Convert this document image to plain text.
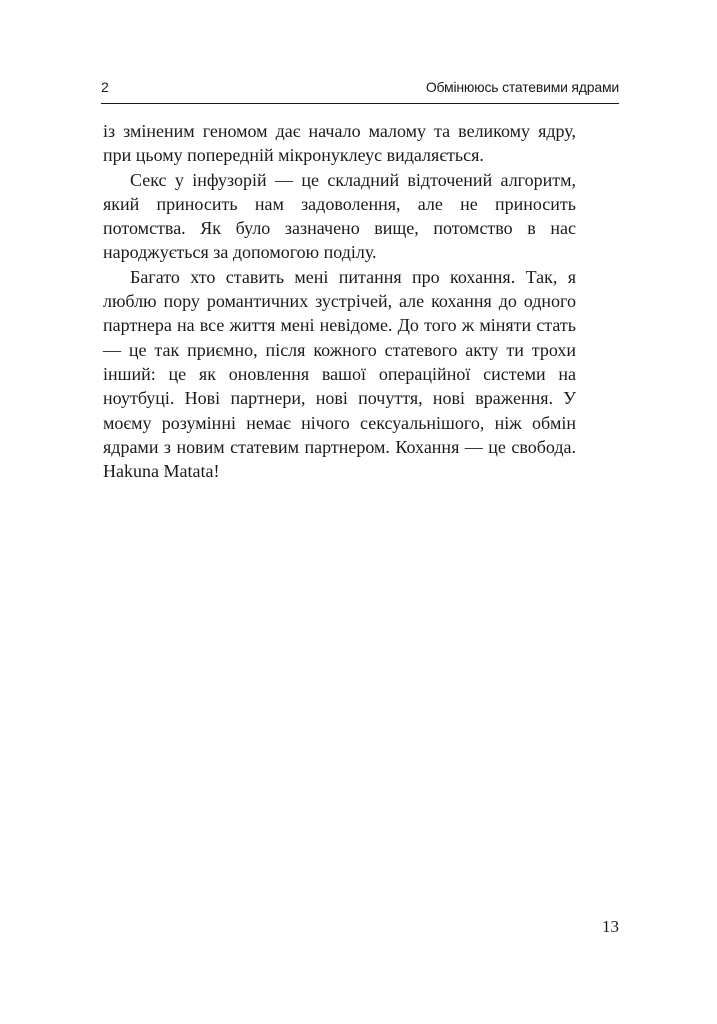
2	Обмінююсь статевими ядрами

із зміненим геномом дає начало малому та великому ядру, при цьому попередній мікронуклеус видаляється.

Секс у інфузорій — це складний відточений алгоритм, який приносить нам задоволення, але не приносить потомства. Як було зазначено вище, потомство в нас народжується за допомогою поділу.

Багато хто ставить мені питання про кохання. Так, я люблю пору романтичних зустрічей, але кохання до одного партнера на все життя мені невідоме. До того ж міняти стать — це так приємно, після кожного статевого акту ти трохи інший: це як оновлення вашої операційної системи на ноутбуці. Нові партнери, нові почуття, нові враження. У моєму розумінні немає нічого сексуальнішого, ніж обмін ядрами з новим статевим партнером. Кохання — це свобода. Hakuna Matata!

13
